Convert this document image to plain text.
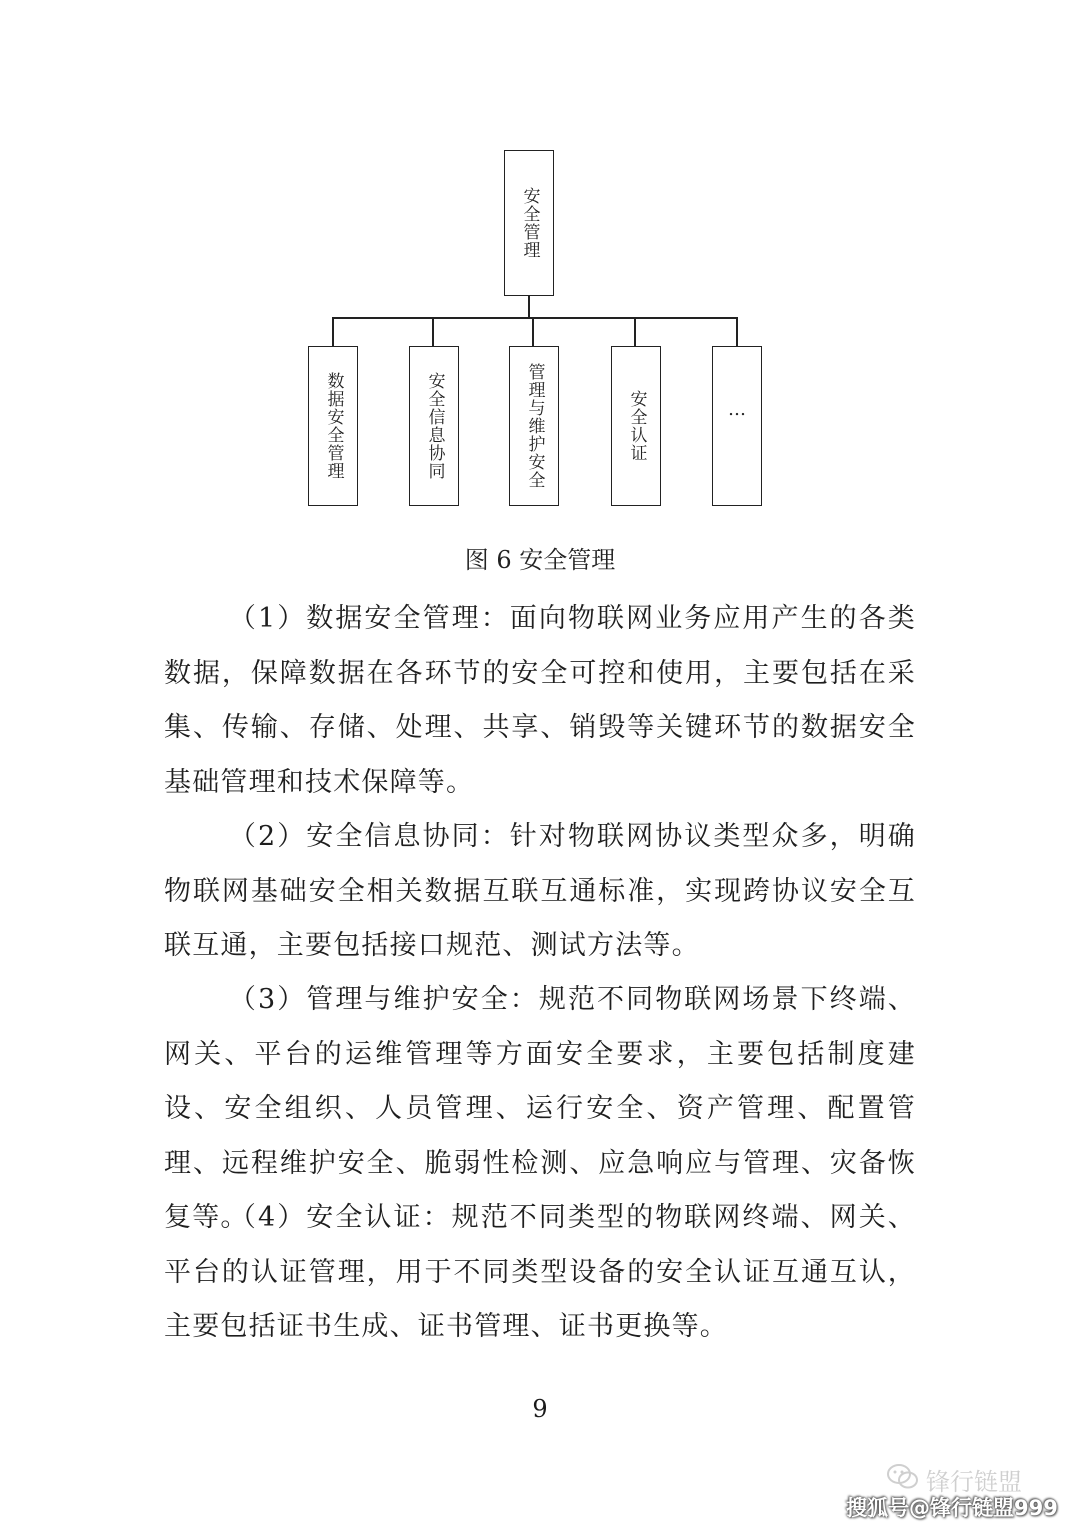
安全管理
数据安全管理	安全信息协同	管理与维护安全	安全认证	…
图 6 安全管理

（1）数据安全管理：面向物联网业务应用产生的各类数据，保障数据在各环节的安全可控和使用，主要包括在采集、传输、存储、处理、共享、销毁等关键环节的数据安全基础管理和技术保障等。

（2）安全信息协同：针对物联网协议类型众多，明确物联网基础安全相关数据互联互通标准，实现跨协议安全互联互通，主要包括接口规范、测试方法等。

（3）管理与维护安全：规范不同物联网场景下终端、网关、平台的运维管理等方面安全要求，主要包括制度建设、安全组织、人员管理、运行安全、资产管理、配置管理、远程维护安全、脆弱性检测、应急响应与管理、灾备恢复等。

（4）安全认证：规范不同类型的物联网终端、网关、平台的认证管理，用于不同类型设备的安全认证互通互认，主要包括证书生成、证书管理、证书更换等。

9
锋行链盟
搜狐号@锋行链盟999
